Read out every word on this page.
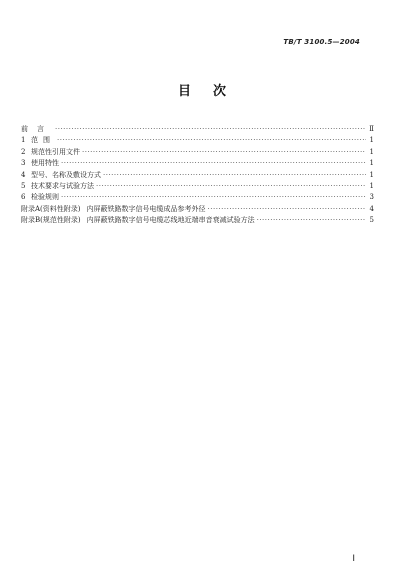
TB/T 3100.5—2004
目 次
前言 ·····	Ⅱ
1 范围 ·····	1
2 规范性引用文件 ·····	1
3 使用特性 ·····	1
4 型号、名称及敷设方式 ·····	1
5 技术要求与试验方法 ·····	1
6 检验规则 ·····	3
附录A(资料性附录) 内屏蔽铁路数字信号电缆成品参考外径 ·····	4
附录B(规范性附录) 内屏蔽铁路数字信号电缆芯线地近端串音衰减试验方法 ·····	5
Ⅰ
